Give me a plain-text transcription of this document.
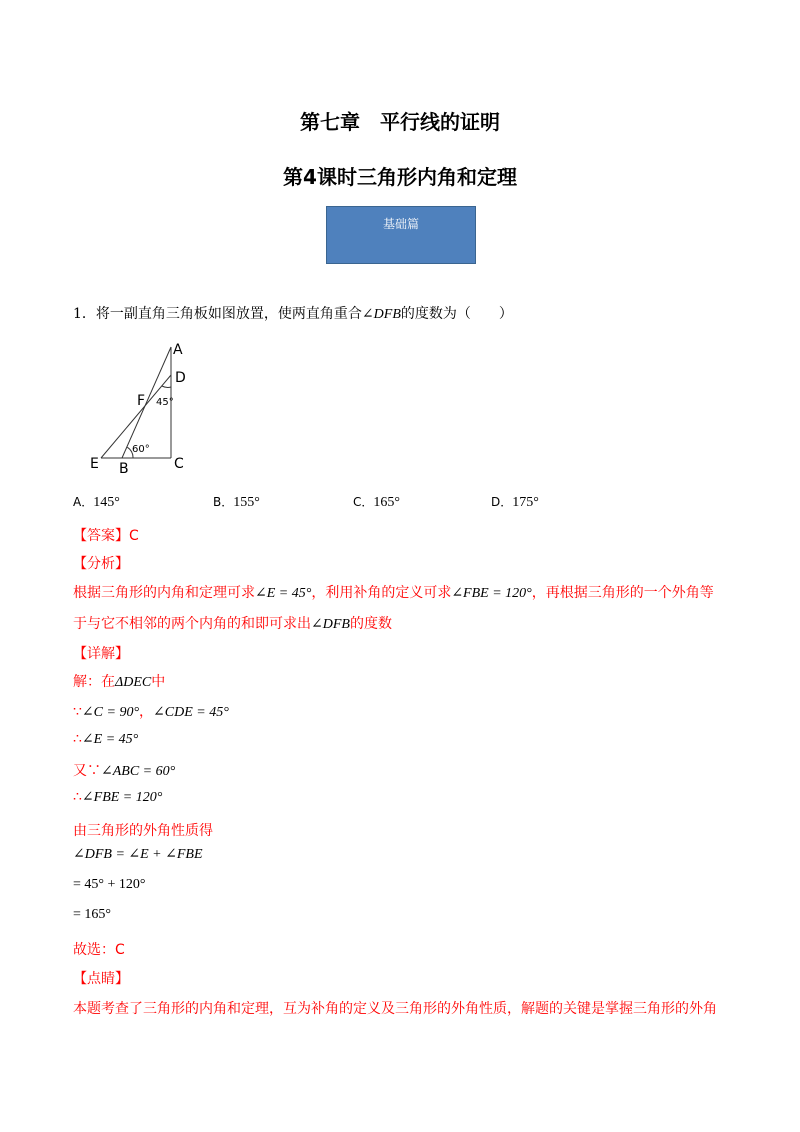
第七章　平行线的证明
第4课时三角形内角和定理
基础篇
1．将一副直角三角板如图放置，使两直角重合∠DFB的度数为（　　）
A
D
F 45°
60°
E B	C
A．145°	B．155°	C．165°	D．175°
【答案】C
【分析】
根据三角形的内角和定理可求∠E = 45°，利用补角的定义可求∠FBE = 120°，再根据三角形的一个外角等
于与它不相邻的两个内角的和即可求出∠DFB的度数
【详解】
解：在ΔDEC中
∵∠C = 90°，∠CDE = 45°
∴∠E = 45°
又∵∠ABC = 60°
∴∠FBE = 120°
由三角形的外角性质得
∠DFB = ∠E + ∠FBE
= 45° + 120°
= 165°
故选：C
【点睛】
本题考查了三角形的内角和定理，互为补角的定义及三角形的外角性质，解题的关键是掌握三角形的外角
